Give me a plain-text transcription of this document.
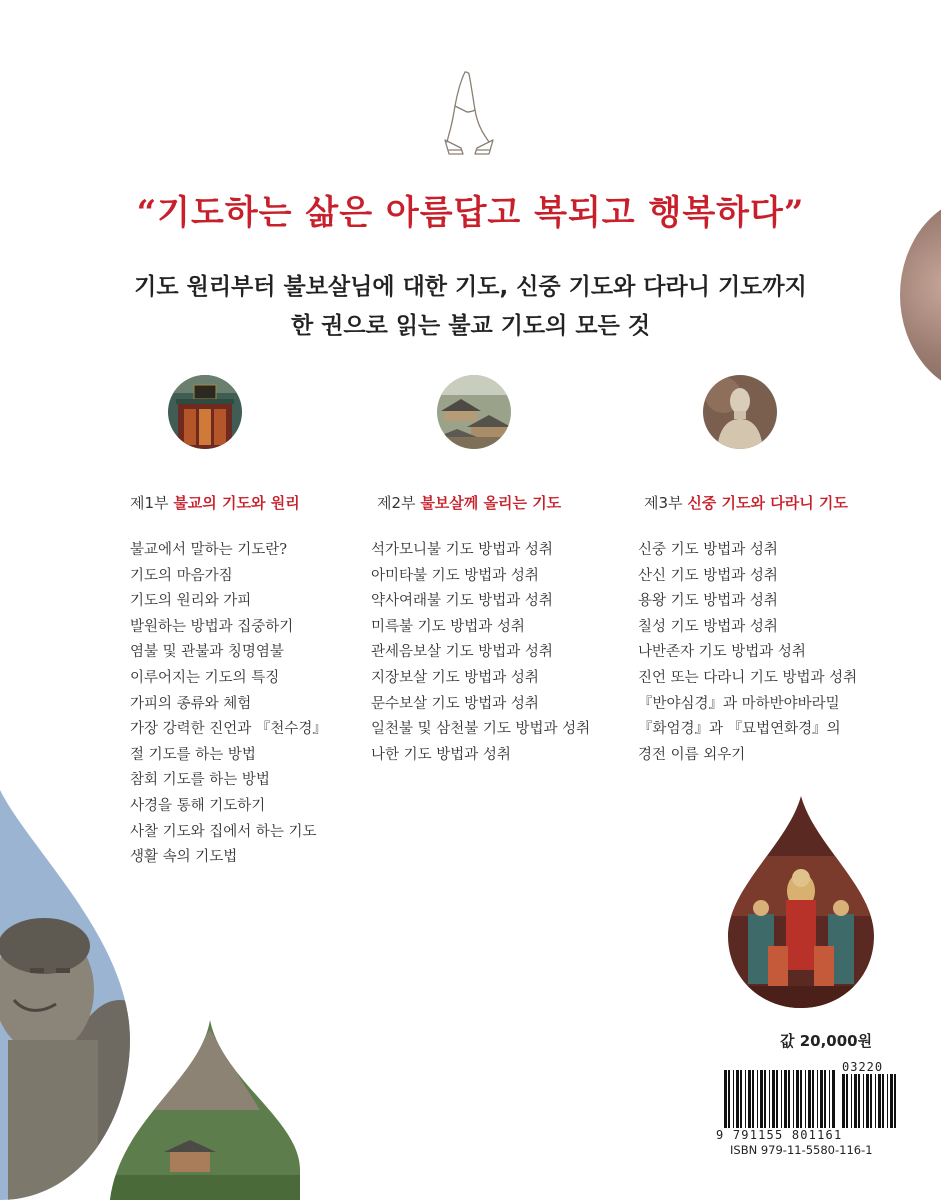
“기도하는 삶은 아름답고 복되고 행복하다”
기도 원리부터 불보살님에 대한 기도, 신중 기도와 다라니 기도까지
한 권으로 읽는 불교 기도의 모든 것
제1부 불교의 기도와 원리	제2부 불보살께 올리는 기도	제3부 신중 기도와 다라니 기도
불교에서 말하는 기도란?
기도의 마음가짐
기도의 원리와 가피
발원하는 방법과 집중하기
염불 및 관불과 칭명염불
이루어지는 기도의 특징
가피의 종류와 체험
가장 강력한 진언과 『천수경』
절 기도를 하는 방법
참회 기도를 하는 방법
사경을 통해 기도하기
사찰 기도와 집에서 하는 기도
생활 속의 기도법
석가모니불 기도 방법과 성취
아미타불 기도 방법과 성취
약사여래불 기도 방법과 성취
미륵불 기도 방법과 성취
관세음보살 기도 방법과 성취
지장보살 기도 방법과 성취
문수보살 기도 방법과 성취
일천불 및 삼천불 기도 방법과 성취
나한 기도 방법과 성취
신중 기도 방법과 성취
산신 기도 방법과 성취
용왕 기도 방법과 성취
칠성 기도 방법과 성취
나반존자 기도 방법과 성취
진언 또는 다라니 기도 방법과 성취
『반야심경』과 마하반야바라밀
『화엄경』과 『묘법연화경』의
경전 이름 외우기
값 20,000원
03220
9 791155 801161
ISBN 979-11-5580-116-1
